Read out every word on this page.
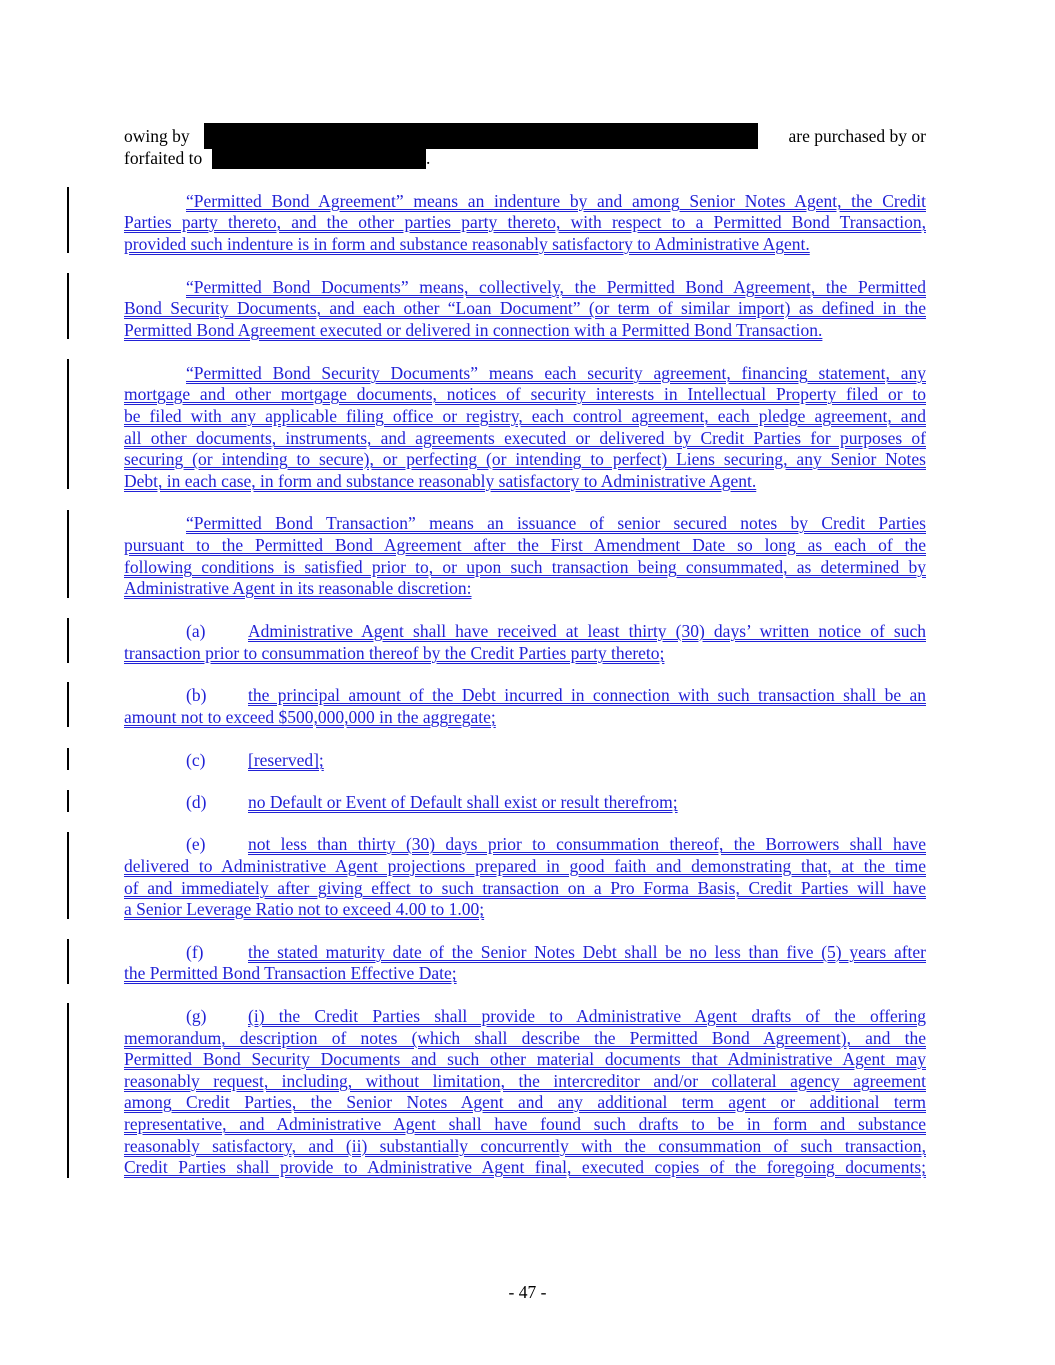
owing by	are purchased by or
forfaited to	.
“Permitted Bond Agreement” means an indenture by and among Senior Notes Agent, the Credit
Parties party thereto, and the other parties party thereto, with respect to a Permitted Bond Transaction,
provided such indenture is in form and substance reasonably satisfactory to Administrative Agent.
“Permitted Bond Documents” means, collectively, the Permitted Bond Agreement, the Permitted
Bond Security Documents, and each other “Loan Document” (or term of similar import) as defined in the
Permitted Bond Agreement executed or delivered in connection with a Permitted Bond Transaction.
“Permitted Bond Security Documents” means each security agreement, financing statement, any
mortgage and other mortgage documents, notices of security interests in Intellectual Property filed or to
be filed with any applicable filing office or registry, each control agreement, each pledge agreement, and
all other documents, instruments, and agreements executed or delivered by Credit Parties for purposes of
securing (or intending to secure), or perfecting (or intending to perfect) Liens securing, any Senior Notes
Debt, in each case, in form and substance reasonably satisfactory to Administrative Agent.
“Permitted Bond Transaction” means an issuance of senior secured notes by Credit Parties
pursuant to the Permitted Bond Agreement after the First Amendment Date so long as each of the
following conditions is satisfied prior to, or upon such transaction being consummated, as determined by
Administrative Agent in its reasonable discretion:
(a) Administrative Agent shall have received at least thirty (30) days’ written notice of such
transaction prior to consummation thereof by the Credit Parties party thereto;
(b) the principal amount of the Debt incurred in connection with such transaction shall be an
amount not to exceed $500,000,000 in the aggregate;
(c) [reserved];
(d) no Default or Event of Default shall exist or result therefrom;
(e) not less than thirty (30) days prior to consummation thereof, the Borrowers shall have
delivered to Administrative Agent projections prepared in good faith and demonstrating that, at the time
of and immediately after giving effect to such transaction on a Pro Forma Basis, Credit Parties will have
a Senior Leverage Ratio not to exceed 4.00 to 1.00;
(f)	the stated maturity date of the Senior Notes Debt shall be no less than five (5) years after
the Permitted Bond Transaction Effective Date;
(g) (i) the Credit Parties shall provide to Administrative Agent drafts of the offering
memorandum, description of notes (which shall describe the Permitted Bond Agreement), and the
Permitted Bond Security Documents and such other material documents that Administrative Agent may
reasonably request, including, without limitation, the intercreditor and/or collateral agency agreement
among Credit Parties, the Senior Notes Agent and any additional term agent or additional term
representative, and Administrative Agent shall have found such drafts to be in form and substance
reasonably satisfactory, and (ii) substantially concurrently with the consummation of such transaction,
Credit Parties shall provide to Administrative Agent final, executed copies of the foregoing documents;
- 47 -
